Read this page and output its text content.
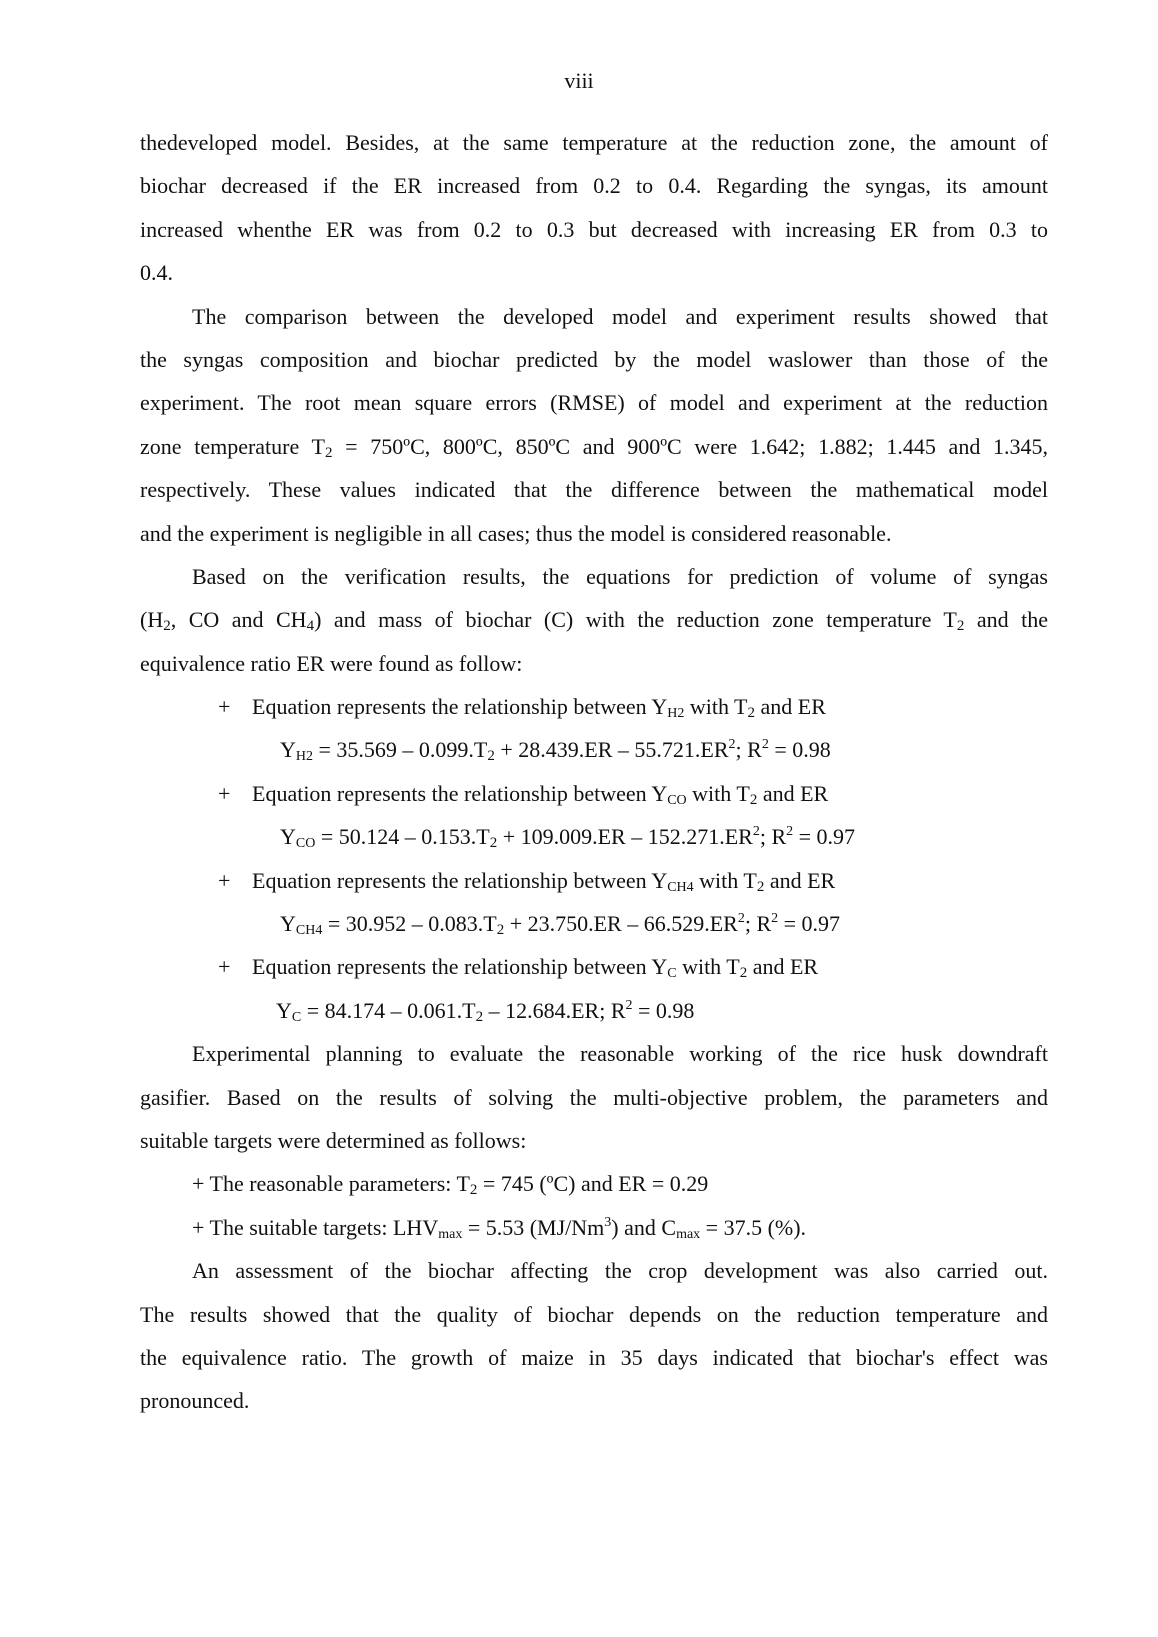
viii
thedeveloped model. Besides, at the same temperature at the reduction zone, the amount of
biochar decreased if the ER increased from 0.2 to 0.4. Regarding the syngas, its amount
increased whenthe ER was from 0.2 to 0.3 but decreased with increasing ER from 0.3 to
0.4.
The comparison between the developed model and experiment results showed that
the syngas composition and biochar predicted by the model waslower than those of the
experiment. The root mean square errors (RMSE) of model and experiment at the reduction
zone temperature $T_2$ = 750ºC, 800ºC, 850ºC and 900ºC were 1.642; 1.882; 1.445 and 1.345,
respectively. These values indicated that the difference between the mathematical model
and the experiment is negligible in all cases; thus the model is considered reasonable.
Based on the verification results, the equations for prediction of volume of syngas
($H_2$, CO and $CH_4$) and mass of biochar (C) with the reduction zone temperature $T_2$ and the
equivalence ratio ER were found as follow:
+ Equation represents the relationship between $Y_{H2}$ with $T_2$ and ER
$Y_{H2} = 35.569 - 0.099.T_2 + 28.439.ER - 55.721.ER^2$; $R^2 = 0.98$
+ Equation represents the relationship between $Y_{CO}$ with $T_2$ and ER
$Y_{CO} = 50.124 - 0.153.T_2 + 109.009.ER - 152.271.ER^2$; $R^2 = 0.97$
+ Equation represents the relationship between $Y_{CH4}$ with $T_2$ and ER
$Y_{CH4} = 30.952 - 0.083.T_2 + 23.750.ER - 66.529.ER^2$; $R^2 = 0.97$
+ Equation represents the relationship between $Y_C$ with $T_2$ and ER
$Y_C = 84.174 - 0.061.T_2 - 12.684.ER$; $R^2 = 0.98$
Experimental planning to evaluate the reasonable working of the rice husk downdraft
gasifier. Based on the results of solving the multi-objective problem, the parameters and
suitable targets were determined as follows:
+ The reasonable parameters: $T_2 = 745$ (ºC) and ER = 0.29
+ The suitable targets: $LHV_{max} = 5.53$ (MJ/Nm$^3$) and $C_{max} = 37.5$ (%).
An assessment of the biochar affecting the crop development was also carried out.
The results showed that the quality of biochar depends on the reduction temperature and
the equivalence ratio. The growth of maize in 35 days indicated that biochar's effect was
pronounced.
